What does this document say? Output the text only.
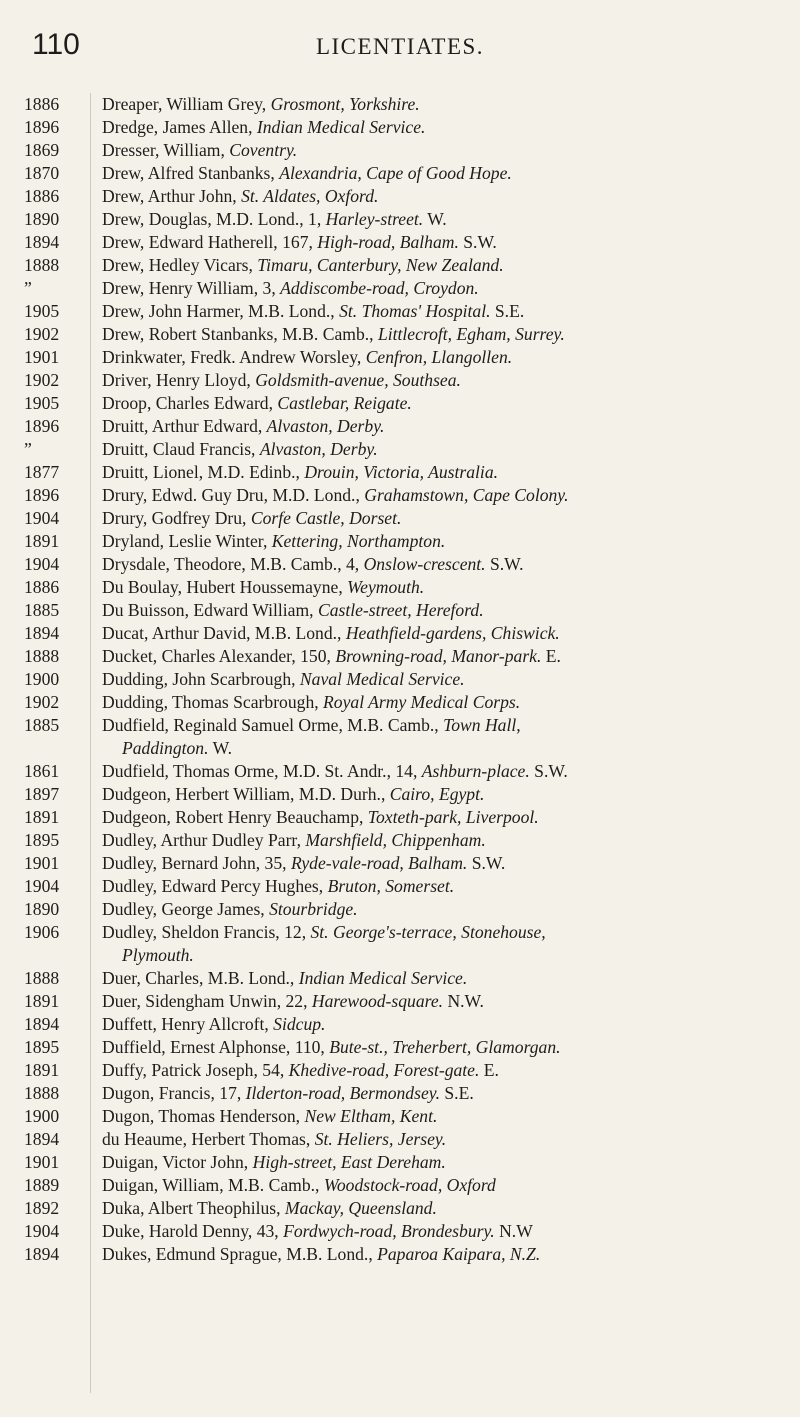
110	LICENTIATES.
1886	Dreaper, William Grey, Grosmont, Yorkshire.
1896	Dredge, James Allen, Indian Medical Service.
1869	Dresser, William, Coventry.
1870	Drew, Alfred Stanbanks, Alexandria, Cape of Good Hope.
1886	Drew, Arthur John, St. Aldates, Oxford.
1890	Drew, Douglas, M.D. Lond., 1, Harley-street. W.
1894	Drew, Edward Hatherell, 167, High-road, Balham. S.W.
1888	Drew, Hedley Vicars, Timaru, Canterbury, New Zealand.
”	Drew, Henry William, 3, Addiscombe-road, Croydon.
1905	Drew, John Harmer, M.B. Lond., St. Thomas' Hospital. S.E.
1902	Drew, Robert Stanbanks, M.B. Camb., Littlecroft, Egham, Surrey.
1901	Drinkwater, Fredk. Andrew Worsley, Cenfron, Llangollen.
1902	Driver, Henry Lloyd, Goldsmith-avenue, Southsea.
1905	Droop, Charles Edward, Castlebar, Reigate.
1896	Druitt, Arthur Edward, Alvaston, Derby.
”	Druitt, Claud Francis, Alvaston, Derby.
1877	Druitt, Lionel, M.D. Edinb., Drouin, Victoria, Australia.
1896	Drury, Edwd. Guy Dru, M.D. Lond., Grahamstown, Cape Colony.
1904	Drury, Godfrey Dru, Corfe Castle, Dorset.
1891	Dryland, Leslie Winter, Kettering, Northampton.
1904	Drysdale, Theodore, M.B. Camb., 4, Onslow-crescent. S.W.
1886	Du Boulay, Hubert Houssemayne, Weymouth.
1885	Du Buisson, Edward William, Castle-street, Hereford.
1894	Ducat, Arthur David, M.B. Lond., Heathfield-gardens, Chiswick.
1888	Ducket, Charles Alexander, 150, Browning-road, Manor-park. E.
1900	Dudding, John Scarbrough, Naval Medical Service.
1902	Dudding, Thomas Scarbrough, Royal Army Medical Corps.
1885	Dudfield, Reginald Samuel Orme, M.B. Camb., Town Hall,
Paddington. W.
1861	Dudfield, Thomas Orme, M.D. St. Andr., 14, Ashburn-place. S.W.
1897	Dudgeon, Herbert William, M.D. Durh., Cairo, Egypt.
1891	Dudgeon, Robert Henry Beauchamp, Toxteth-park, Liverpool.
1895	Dudley, Arthur Dudley Parr, Marshfield, Chippenham.
1901	Dudley, Bernard John, 35, Ryde-vale-road, Balham. S.W.
1904	Dudley, Edward Percy Hughes, Bruton, Somerset.
1890	Dudley, George James, Stourbridge.
1906	Dudley, Sheldon Francis, 12, St. George's-terrace, Stonehouse,
Plymouth.
1888	Duer, Charles, M.B. Lond., Indian Medical Service.
1891	Duer, Sidengham Unwin, 22, Harewood-square. N.W.
1894	Duffett, Henry Allcroft, Sidcup.
1895	Duffield, Ernest Alphonse, 110, Bute-st., Treherbert, Glamorgan.
1891	Duffy, Patrick Joseph, 54, Khedive-road, Forest-gate. E.
1888	Dugon, Francis, 17, Ilderton-road, Bermondsey. S.E.
1900	Dugon, Thomas Henderson, New Eltham, Kent.
1894	du Heaume, Herbert Thomas, St. Heliers, Jersey.
1901	Duigan, Victor John, High-street, East Dereham.
1889	Duigan, William, M.B. Camb., Woodstock-road, Oxford
1892	Duka, Albert Theophilus, Mackay, Queensland.
1904	Duke, Harold Denny, 43, Fordwych-road, Brondesbury. N.W
1894	Dukes, Edmund Sprague, M.B. Lond., Paparoa Kaipara, N.Z.
